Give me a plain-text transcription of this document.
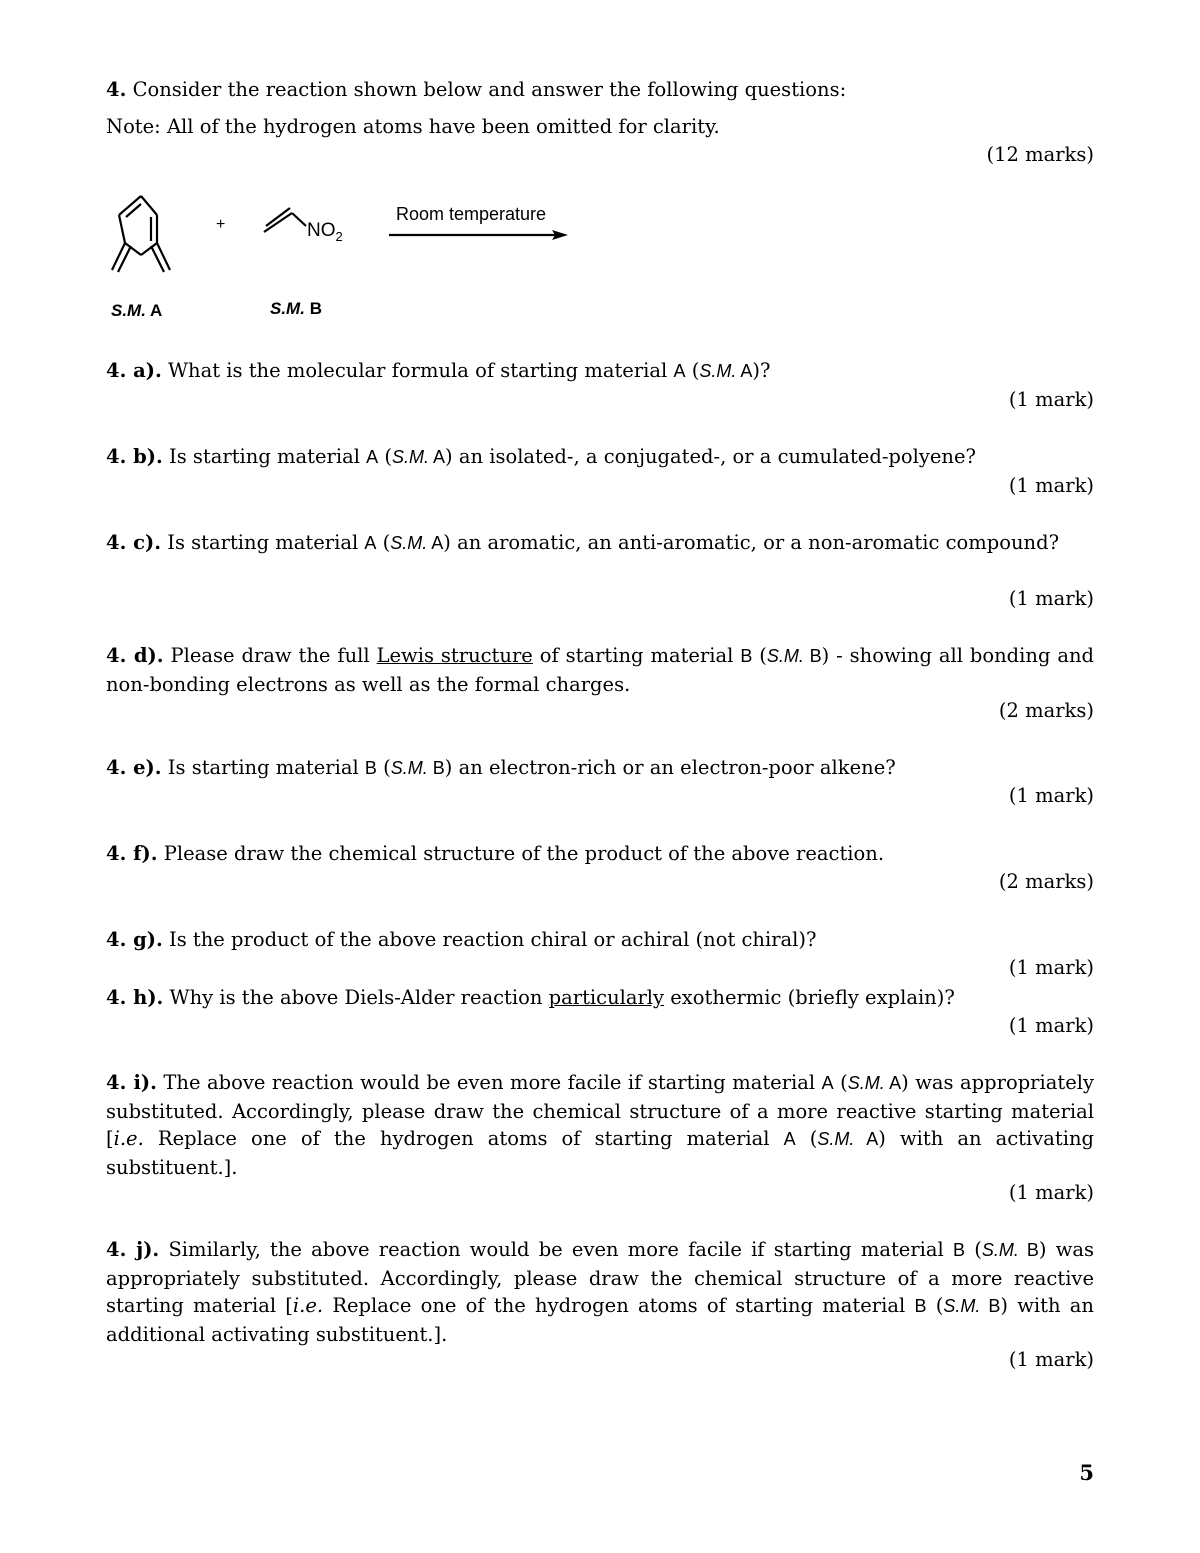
4. Consider the reaction shown below and answer the following questions:
Note: All of the hydrogen atoms have been omitted for clarity.
(12 marks)
+	$NO_2$
Room temperature
S.M. A	S.M. B
4. a). What is the molecular formula of starting material A (S.M. A)?
(1 mark)
4. b). Is starting material A (S.M. A) an isolated-, a conjugated-, or a cumulated-polyene?
(1 mark)
4. c). Is starting material A (S.M. A) an aromatic, an anti-aromatic, or a non-aromatic compound?
(1 mark)
4. d). Please draw the full Lewis structure of starting material B (S.M. B) - showing all bonding and non-bonding electrons as well as the formal charges.
(2 marks)
4. e). Is starting material B (S.M. B) an electron-rich or an electron-poor alkene?
(1 mark)
4. f). Please draw the chemical structure of the product of the above reaction.
(2 marks)
4. g). Is the product of the above reaction chiral or achiral (not chiral)?
(1 mark)
4. h). Why is the above Diels-Alder reaction particularly exothermic (briefly explain)?
(1 mark)
4. i). The above reaction would be even more facile if starting material A (S.M. A) was appropriately substituted. Accordingly, please draw the chemical structure of a more reactive starting material [i.e. Replace one of the hydrogen atoms of starting material A (S.M. A) with an activating substituent.].
(1 mark)
4. j). Similarly, the above reaction would be even more facile if starting material B (S.M. B) was appropriately substituted. Accordingly, please draw the chemical structure of a more reactive starting material [i.e. Replace one of the hydrogen atoms of starting material B (S.M. B) with an additional activating substituent.].
(1 mark)
5
